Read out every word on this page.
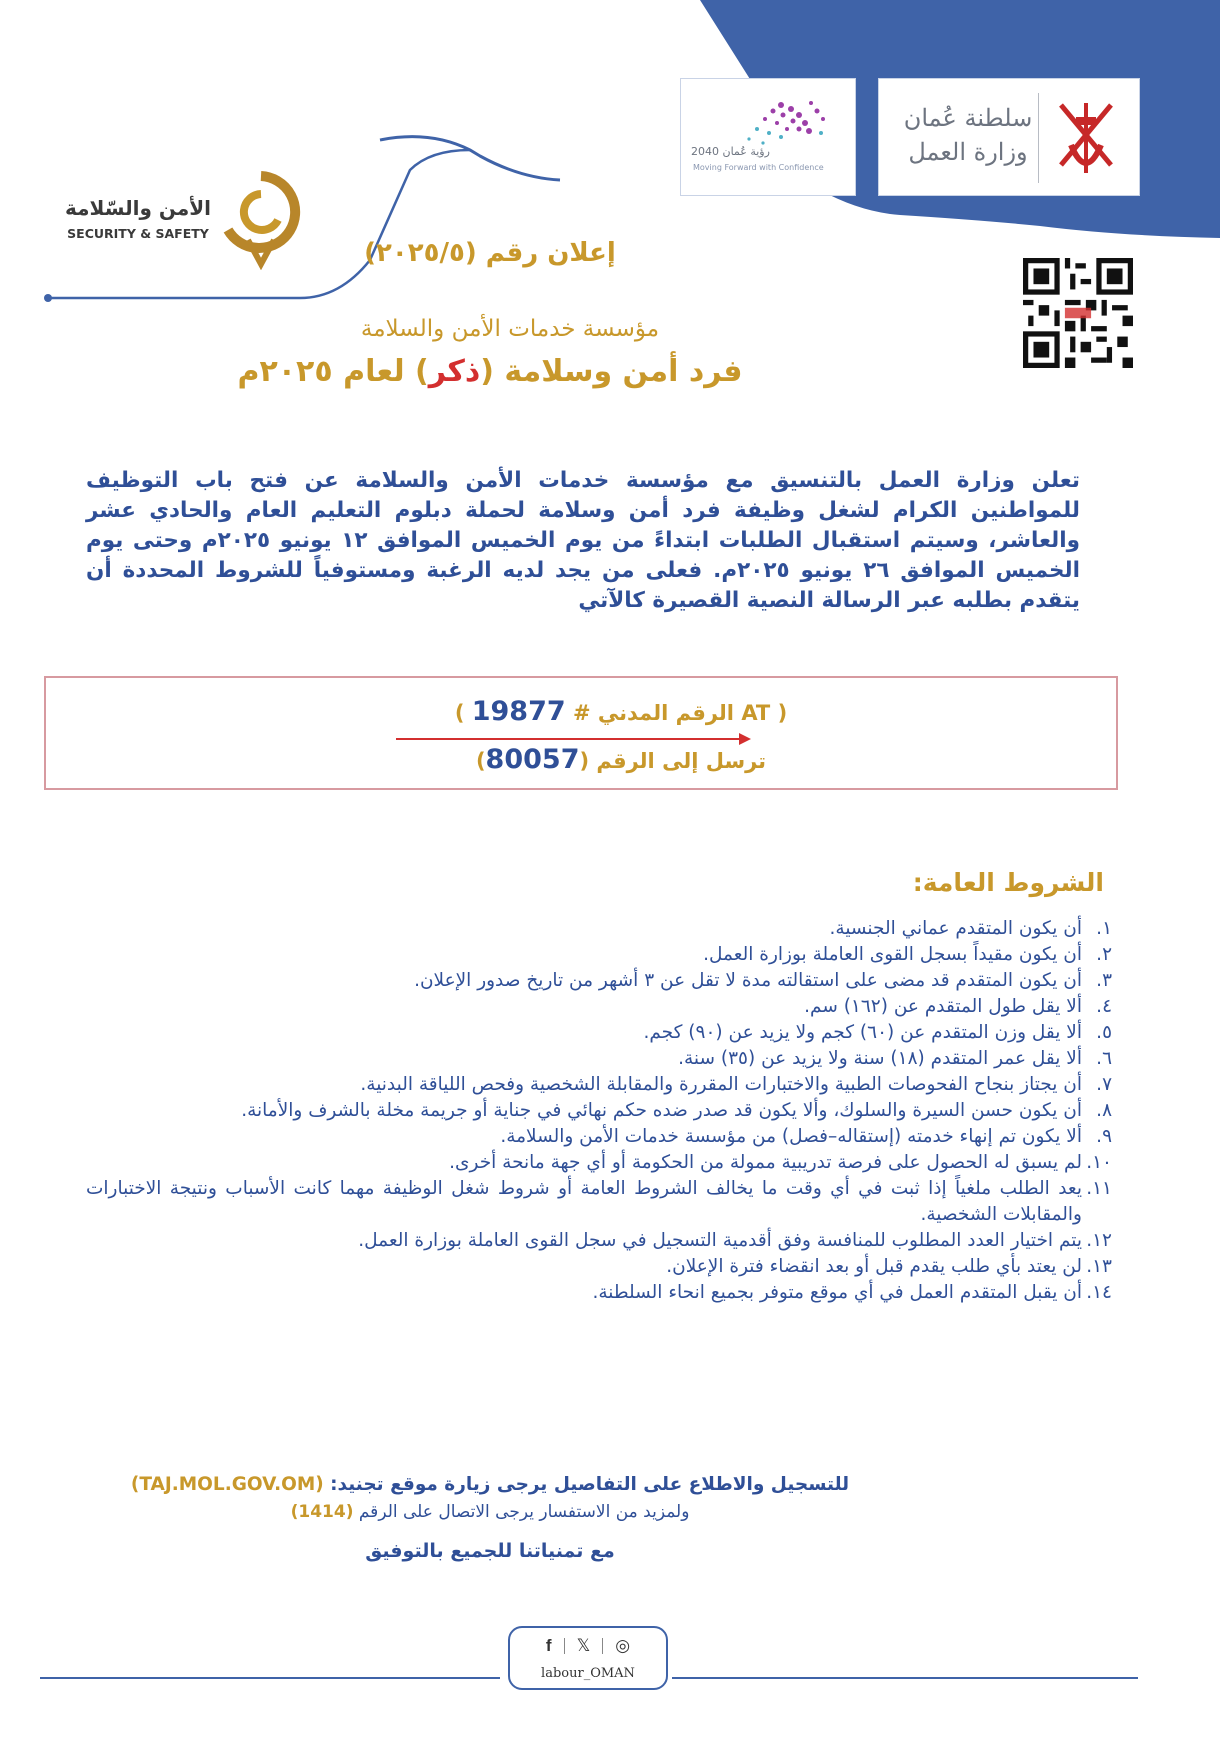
سلطنة عُمان
وزارة العمل
رؤية عُمان 2040
Moving Forward with Confidence
الأمن والسّلامة
SECURITY & SAFETY
إعلان رقم (٢٠٢٥/٥)
مؤسسة خدمات الأمن والسلامة
فرد أمن وسلامة (ذكر) لعام ٢٠٢٥م
تعلن وزارة العمل بالتنسيق مع مؤسسة خدمات الأمن والسلامة عن فتح باب التوظيف للمواطنين الكرام لشغل وظيفة فرد أمن وسلامة لحملة دبلوم التعليم العام والحادي عشر والعاشر، وسيتم استقبال الطلبات ابتداءً من يوم الخميس الموافق ١٢ يونيو ٢٠٢٥م وحتى يوم الخميس الموافق ٢٦ يونيو ٢٠٢٥م. فعلى من يجد لديه الرغبة ومستوفياً للشروط المحددة أن يتقدم بطلبه عبر الرسالة النصية القصيرة كالآتي
( AT الرقم المدني # 19877 )
ترسل إلى الرقم (80057)
الشروط العامة:
١.
أن يكون المتقدم عماني الجنسية.
٢.
أن يكون مقيداً بسجل القوى العاملة بوزارة العمل.
٣.
أن يكون المتقدم قد مضى على استقالته مدة لا تقل عن ٣ أشهر من تاريخ صدور الإعلان.
٤.
ألا يقل طول المتقدم عن (١٦٢) سم.
٥.
ألا يقل وزن المتقدم عن (٦٠) كجم ولا يزيد عن (٩٠) كجم.
٦.
ألا يقل عمر المتقدم (١٨) سنة ولا يزيد عن (٣٥) سنة.
٧.
أن يجتاز بنجاح الفحوصات الطبية والاختبارات المقررة والمقابلة الشخصية وفحص اللياقة البدنية.
٨.
أن يكون حسن السيرة والسلوك، وألا يكون قد صدر ضده حكم نهائي في جناية أو جريمة مخلة بالشرف والأمانة.
٩.
ألا يكون تم إنهاء خدمته (إستقاله–فصل) من مؤسسة خدمات الأمن والسلامة.
١٠.
لم يسبق له الحصول على فرصة تدريبية ممولة من الحكومة أو أي جهة مانحة أخرى.
١١.
يعد الطلب ملغياً إذا ثبت في أي وقت ما يخالف الشروط العامة أو شروط شغل الوظيفة مهما كانت الأسباب ونتيجة الاختبارات والمقابلات الشخصية.
١٢.
يتم اختيار العدد المطلوب للمنافسة وفق أقدمية التسجيل في سجل القوى العاملة بوزارة العمل.
١٣.
لن يعتد بأي طلب يقدم قبل أو بعد انقضاء فترة الإعلان.
١٤.
أن يقبل المتقدم العمل في أي موقع متوفر بجميع انحاء السلطنة.
للتسجيل والاطلاع على التفاصيل يرجى زيارة موقع تجنيد: (TAJ.MOL.GOV.OM)
ولمزيد من الاستفسار يرجى الاتصال على الرقم (1414)
مع تمنياتنا للجميع بالتوفيق
f 𝕏 ◎
labour_OMAN
